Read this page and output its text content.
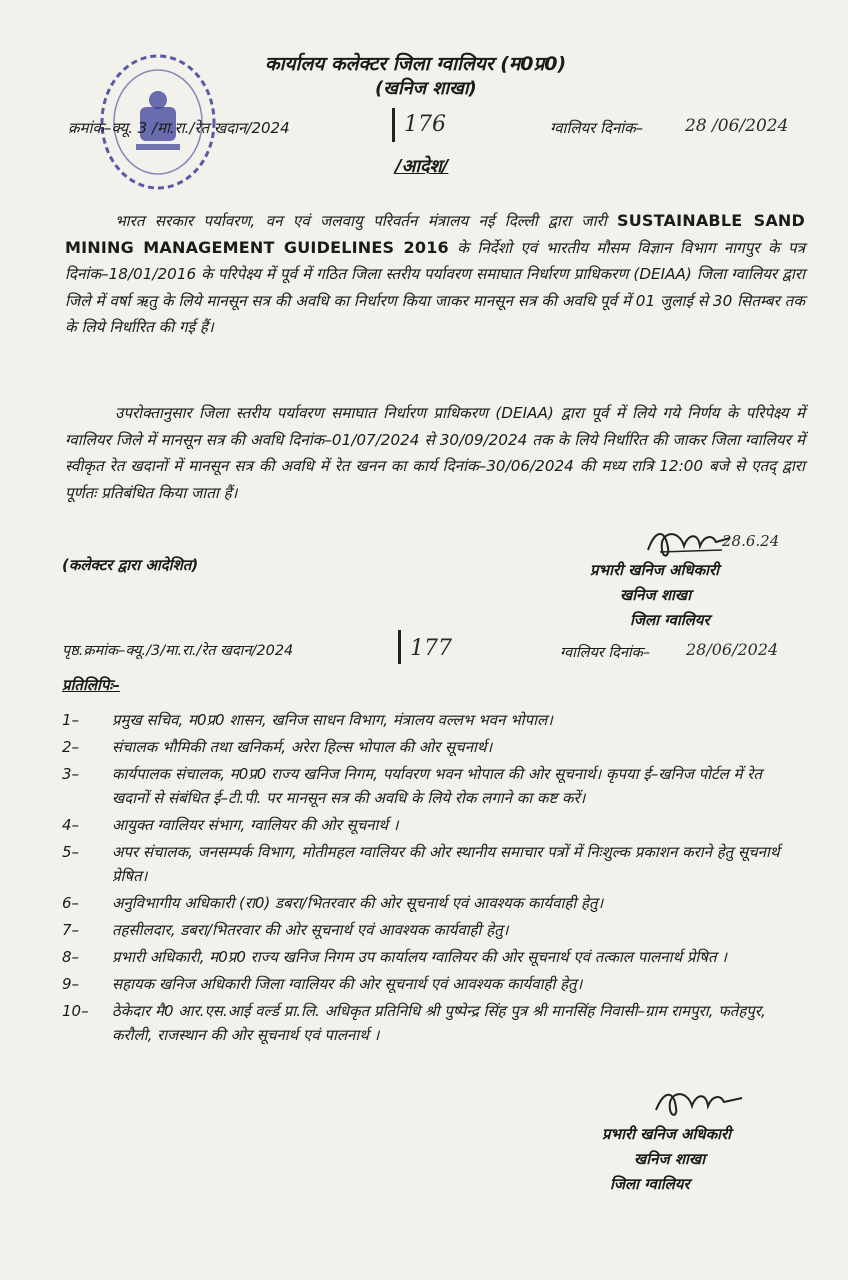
कार्यालय कलेक्टर जिला ग्वालियर (म0प्र0)
(खनिज शाखा)
क्रमांक–क्यू. 3 /मा.रा./रेत खदान/2024	176	ग्वालियर दिनांक– 28 /06/2024
/आदेश/
भारत सरकार पर्यावरण, वन एवं जलवायु परिवर्तन मंत्रालय नई दिल्ली द्वारा जारी SUSTAINABLE SAND MINING MANAGEMENT GUIDELINES 2016 के निर्देशो एवं भारतीय मौसम विज्ञान विभाग नागपुर के पत्र दिनांक–18/01/2016 के परिपेक्ष्य में पूर्व में गठित जिला स्तरीय पर्यावरण समाघात निर्धारण प्राधिकरण (DEIAA) जिला ग्वालियर द्वारा जिले में वर्षा ऋतु के लिये मानसून सत्र की अवधि का निर्धारण किया जाकर मानसून सत्र की अवधि पूर्व में 01 जुलाई से 30 सितम्बर तक के लिये निर्धारित की गई हैं।
उपरोक्तानुसार जिला स्तरीय पर्यावरण समाघात निर्धारण प्राधिकरण (DEIAA) द्वारा पूर्व में लिये गये निर्णय के परिपेक्ष्य में ग्वालियर जिले में मानसून सत्र की अवधि दिनांक–01/07/2024 से 30/09/2024 तक के लिये निर्धारित की जाकर जिला ग्वालियर में स्वीकृत रेत खदानों में मानसून सत्र की अवधि में रेत खनन का कार्य दिनांक–30/06/2024 की मध्य रात्रि 12:00 बजे से एतद् द्वारा पूर्णतः प्रतिबंधित किया जाता हैं।
(कलेक्टर द्वारा आदेशित)
28.6.24
प्रभारी खनिज अधिकारी
खनिज शाखा
जिला ग्वालियर
पृष्ठ.क्रमांक–क्यू./3/मा.रा./रेत खदान/2024	177	ग्वालियर दिनांक– 28/06/2024
प्रतिलिपिः–
1–	प्रमुख सचिव, म0प्र0 शासन, खनिज साधन विभाग, मंत्रालय वल्लभ भवन भोपाल।
2–	संचालक भौमिकी तथा खनिकर्म, अरेरा हिल्स भोपाल की ओर सूचनार्थ।
3–	कार्यपालक संचालक, म0प्र0 राज्य खनिज निगम, पर्यावरण भवन भोपाल की ओर सूचनार्थ। कृपया ई–खनिज पोर्टल में रेत खदानों से संबंधित ई–टी.पी. पर मानसून सत्र की अवधि के लिये रोक लगाने का कष्ट करें।
4–	आयुक्त ग्वालियर संभाग, ग्वालियर की ओर सूचनार्थ ।
5–	अपर संचालक, जनसम्पर्क विभाग, मोतीमहल ग्वालियर की ओर स्थानीय समाचार पत्रों में निःशुल्क प्रकाशन कराने हेतु सूचनार्थ प्रेषित।
6–	अनुविभागीय अधिकारी (रा0) डबरा/भितरवार की ओर सूचनार्थ एवं आवश्यक कार्यवाही हेतु।
7–	तहसीलदार, डबरा/भितरवार की ओर सूचनार्थ एवं आवश्यक कार्यवाही हेतु।
8–	प्रभारी अधिकारी, म0प्र0 राज्य खनिज निगम उप कार्यालय ग्वालियर की ओर सूचनार्थ एवं तत्काल पालनार्थ प्रेषित ।
9–	सहायक खनिज अधिकारी जिला ग्वालियर की ओर सूचनार्थ एवं आवश्यक कार्यवाही हेतु।
10–	ठेकेदार मै0 आर.एस.आई वर्ल्ड प्रा.लि. अधिकृत प्रतिनिधि श्री पुष्पेन्द्र सिंह पुत्र श्री मानसिंह निवासी–ग्राम रामपुरा, फतेहपुर, करौली, राजस्थान की ओर सूचनार्थ एवं पालनार्थ ।
प्रभारी खनिज अधिकारी
खनिज शाखा
जिला ग्वालियर
